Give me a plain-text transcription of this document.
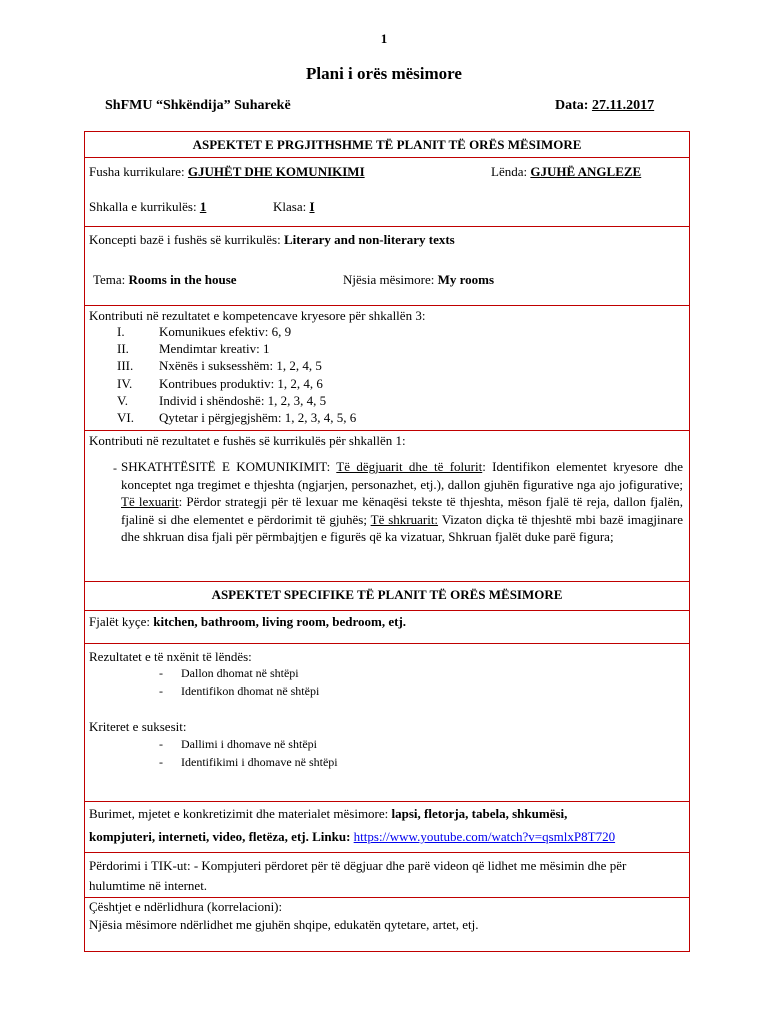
1
Plani i orës mësimore
ShFMU “Shkëndija” Suharekë	Data: 27.11.2017
ASPEKTET E PRGJITHSHME TË PLANIT TË ORËS MËSIMORE
Fusha kurrikulare: GJUHËT DHE KOMUNIKIMI	Lënda: GJUHË ANGLEZE
Shkalla e kurrikulës: 1	Klasa: I
Koncepti bazë i fushës së kurrikulës: Literary and non-literary texts
Tema: Rooms in the house	Njësia mësimore: My rooms
Kontributi në rezultatet e kompetencave kryesore për shkallën 3:
I.	Komunikues efektiv: 6, 9
II. Mendimtar kreativ: 1
III. Nxënës i suksesshëm: 1, 2, 4, 5
IV. Kontribues produktiv: 1, 2, 4, 6
V. Individ i shëndoshë: 1, 2, 3, 4, 5
VI. Qytetar i përgjegjshëm: 1, 2, 3, 4, 5, 6
Kontributi në rezultatet e fushës së kurrikulës për shkallën 1:
- SHKATHTËSITË E KOMUNIKIMIT: Të dëgjuarit dhe të folurit: Identifikon elementet kryesore dhe konceptet nga tregimet e thjeshta (ngjarjen, personazhet, etj.), dallon gjuhën figurative nga ajo jofigurative; Të lexuarit: Përdor strategji për të lexuar me kënaqësi tekste të thjeshta, mëson fjalë të reja, dallon fjalën, fjalinë si dhe elementet e përdorimit të gjuhës; Të shkruarit: Vizaton diçka të thjeshtë mbi bazë imagjinare dhe shkruan disa fjali për përmbajtjen e figurës që ka vizatuar, Shkruan fjalët duke parë figura;
ASPEKTET SPECIFIKE TË PLANIT TË ORËS MËSIMORE
Fjalët kyçe: kitchen, bathroom, living room, bedroom, etj.
Rezultatet e të nxënit të lëndës:
- Dallon dhomat në shtëpi
- Identifikon dhomat në shtëpi
Kriteret e suksesit:
- Dallimi i dhomave në shtëpi
- Identifikimi i dhomave në shtëpi
Burimet, mjetet e konkretizimit dhe materialet mësimore: lapsi, fletorja, tabela, shkumësi,
kompjuteri, interneti, video, fletëza, etj. Linku: https://www.youtube.com/watch?v=qsmlxP8T720
Përdorimi i TIK-ut: - Kompjuteri përdoret për të dëgjuar dhe parë videon që lidhet me mësimin dhe për
hulumtime në internet.
Çështjet e ndërlidhura (korrelacioni):
Njësia mësimore ndërlidhet me gjuhën shqipe, edukatën qytetare, artet, etj.
